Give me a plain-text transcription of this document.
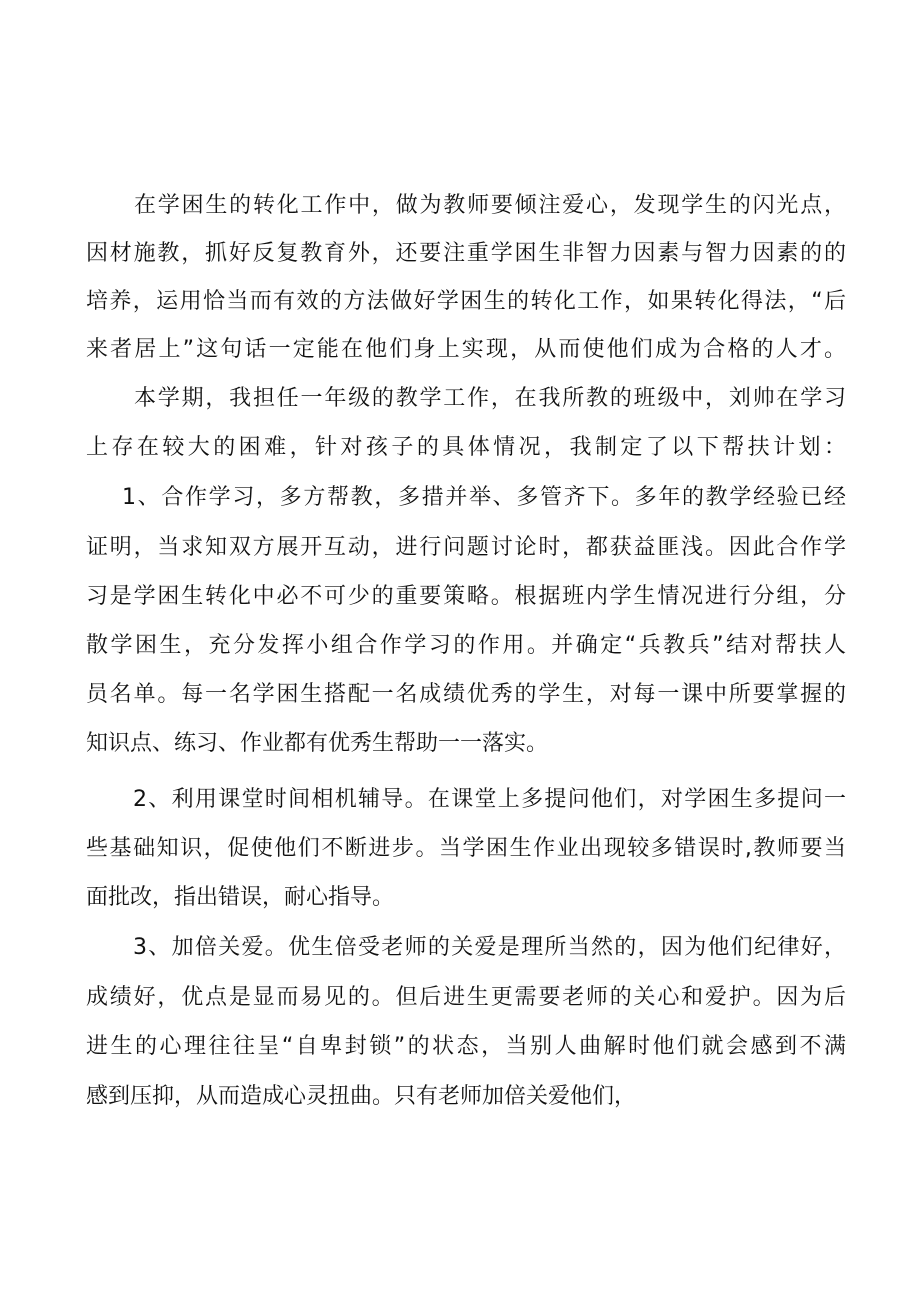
在学困生的转化工作中，做为教师要倾注爱心，发现学生的闪光点，
因材施教，抓好反复教育外，还要注重学困生非智力因素与智力因素的的
培养，运用恰当而有效的方法做好学困生的转化工作，如果转化得法，“后
来者居上”这句话一定能在他们身上实现，从而使他们成为合格的人才。
本学期，我担任一年级的教学工作，在我所教的班级中，刘帅在学习
上存在较大的困难，针对孩子的具体情况，我制定了以下帮扶计划：
1、合作学习，多方帮教，多措并举、多管齐下。多年的教学经验已经
证明，当求知双方展开互动，进行问题讨论时，都获益匪浅。因此合作学
习是学困生转化中必不可少的重要策略。根据班内学生情况进行分组，分
散学困生，充分发挥小组合作学习的作用。并确定“兵教兵”结对帮扶人
员名单。每一名学困生搭配一名成绩优秀的学生，对每一课中所要掌握的
知识点、练习、作业都有优秀生帮助一一落实。
2、利用课堂时间相机辅导。在课堂上多提问他们，对学困生多提问一
些基础知识，促使他们不断进步。当学困生作业出现较多错误时,教师要当
面批改，指出错误，耐心指导。
3、加倍关爱。优生倍受老师的关爱是理所当然的，因为他们纪律好，
成绩好，优点是显而易见的。但后进生更需要老师的关心和爱护。因为后
进生的心理往往呈“自卑封锁”的状态，当别人曲解时他们就会感到不满
感到压抑，从而造成心灵扭曲。只有老师加倍关爱他们，
